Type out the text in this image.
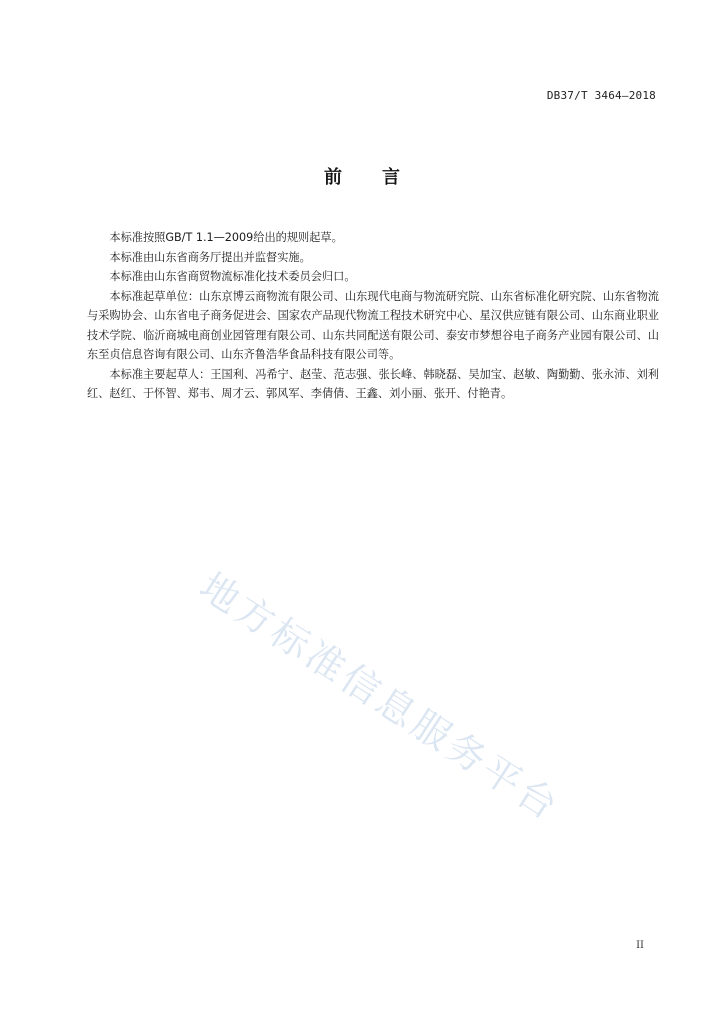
DB37/T 3464—2018
前言

本标准按照GB/T 1.1—2009给出的规则起草。

本标准由山东省商务厅提出并监督实施。

本标准由山东省商贸物流标准化技术委员会归口。

本标准起草单位：山东京博云商物流有限公司、山东现代电商与物流研究院、山东省标准化研究院、山东省物流与采购协会、山东省电子商务促进会、国家农产品现代物流工程技术研究中心、星汉供应链有限公司、山东商业职业技术学院、临沂商城电商创业园管理有限公司、山东共同配送有限公司、泰安市梦想谷电子商务产业园有限公司、山东至贞信息咨询有限公司、山东齐鲁浩华食品科技有限公司等。

本标准主要起草人：王国利、冯希宁、赵莹、范志强、张长峰、韩晓磊、吴加宝、赵敏、陶勤勤、张永沛、刘利红、赵红、于怀智、郑韦、周才云、郭风军、李倩倩、王鑫、刘小丽、张开、付艳青。

地方标准信息服务平台
II
